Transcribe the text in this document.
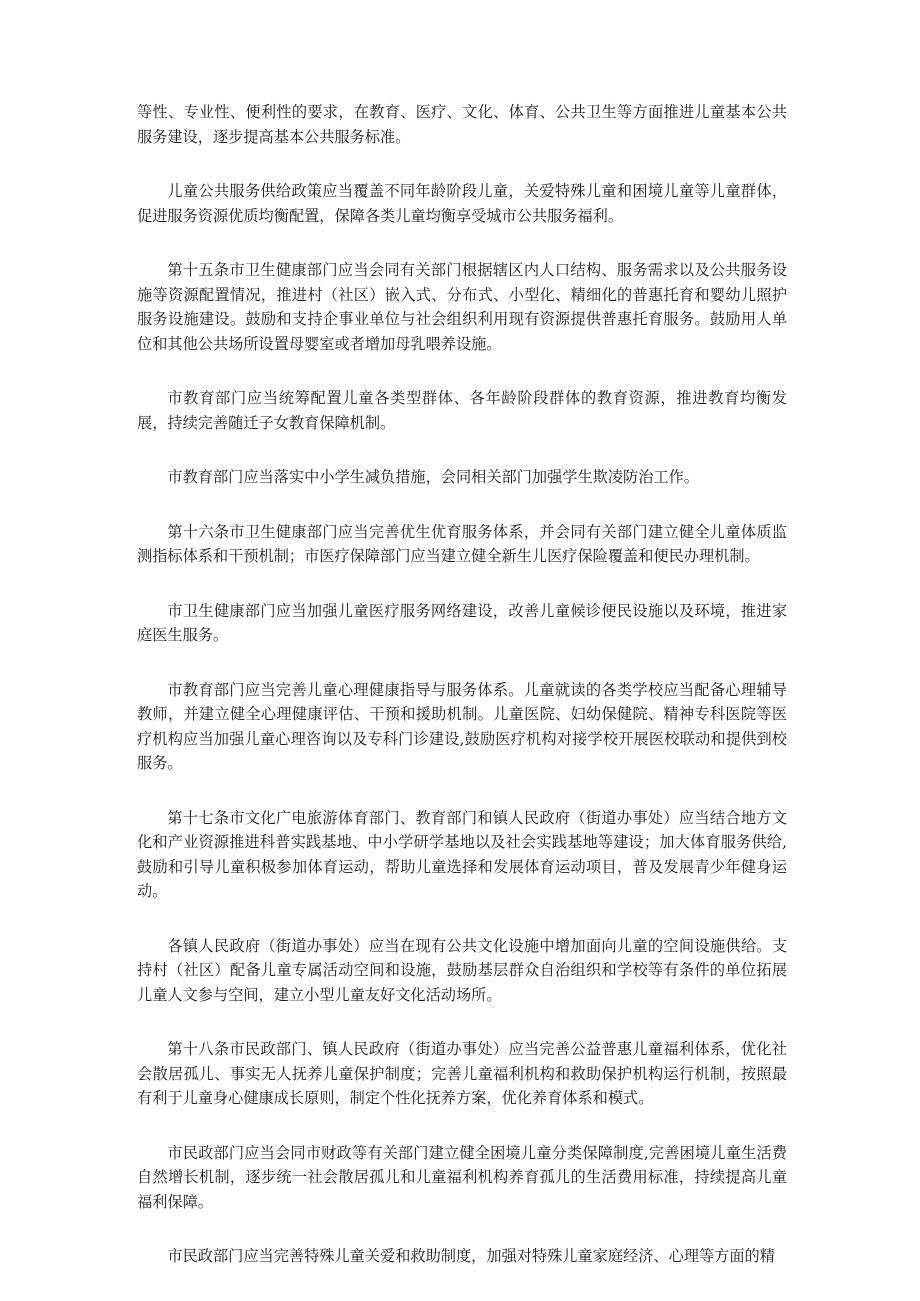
等性、专业性、便利性的要求，在教育、医疗、文化、体育、公共卫生等方面推进儿童基本公共服务建设，逐步提高基本公共服务标准。

儿童公共服务供给政策应当覆盖不同年龄阶段儿童，关爱特殊儿童和困境儿童等儿童群体，促进服务资源优质均衡配置，保障各类儿童均衡享受城市公共服务福利。

第十五条市卫生健康部门应当会同有关部门根据辖区内人口结构、服务需求以及公共服务设施等资源配置情况，推进村（社区）嵌入式、分布式、小型化、精细化的普惠托育和婴幼儿照护服务设施建设。鼓励和支持企事业单位与社会组织利用现有资源提供普惠托育服务。鼓励用人单位和其他公共场所设置母婴室或者增加母乳喂养设施。

市教育部门应当统筹配置儿童各类型群体、各年龄阶段群体的教育资源，推进教育均衡发展，持续完善随迁子女教育保障机制。

市教育部门应当落实中小学生减负措施，会同相关部门加强学生欺凌防治工作。

第十六条市卫生健康部门应当完善优生优育服务体系，并会同有关部门建立健全儿童体质监测指标体系和干预机制；市医疗保障部门应当建立健全新生儿医疗保险覆盖和便民办理机制。

市卫生健康部门应当加强儿童医疗服务网络建设，改善儿童候诊便民设施以及环境，推进家庭医生服务。

市教育部门应当完善儿童心理健康指导与服务体系。儿童就读的各类学校应当配备心理辅导教师，并建立健全心理健康评估、干预和援助机制。儿童医院、妇幼保健院、精神专科医院等医疗机构应当加强儿童心理咨询以及专科门诊建设,鼓励医疗机构对接学校开展医校联动和提供到校服务。

第十七条市文化广电旅游体育部门、教育部门和镇人民政府（街道办事处）应当结合地方文化和产业资源推进科普实践基地、中小学研学基地以及社会实践基地等建设；加大体育服务供给,鼓励和引导儿童积极参加体育运动，帮助儿童选择和发展体育运动项目，普及发展青少年健身运动。

各镇人民政府（街道办事处）应当在现有公共文化设施中增加面向儿童的空间设施供给。支持村（社区）配备儿童专属活动空间和设施，鼓励基层群众自治组织和学校等有条件的单位拓展儿童人文参与空间，建立小型儿童友好文化活动场所。

第十八条市民政部门、镇人民政府（街道办事处）应当完善公益普惠儿童福利体系，优化社会散居孤儿、事实无人抚养儿童保护制度；完善儿童福利机构和救助保护机构运行机制，按照最有利于儿童身心健康成长原则，制定个性化抚养方案，优化养育体系和模式。

市民政部门应当会同市财政等有关部门建立健全困境儿童分类保障制度,完善困境儿童生活费自然增长机制，逐步统一社会散居孤儿和儿童福利机构养育孤儿的生活费用标准，持续提高儿童福利保障。

市民政部门应当完善特殊儿童关爱和救助制度，加强对特殊儿童家庭经济、心理等方面的精
